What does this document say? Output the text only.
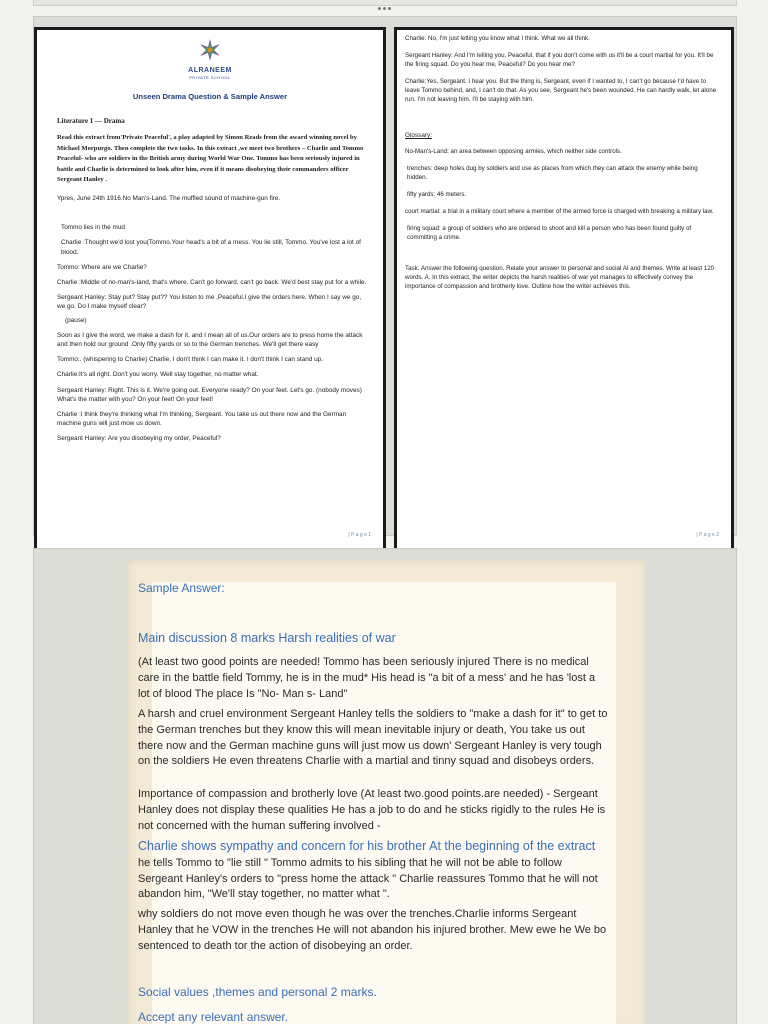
ALRANEEM
PRIVATE SCHOOL
Unseen Drama Question & Sample Answer
Literature 1 — Drama
Read this extract from'Private Peaceful', a play adapted by Simon Reads from the award winning novel by Michael Morpurgo. Then complete the two tasks. In this extract ,we meet two brothers – Charlie and Tommo Peaceful- who are soldiers in the British army during World War One. Tommo has been seriously injured in battle and Charlie is determined to look after him, even if it means disobeying their commanders officer Sergeant Hanley .
Ypres, June 24th 1916.No Man's-Land. The muffled sound of machine-gun fire.
Tommo lies in the mud
Charlie :Thought we'd lost you(Tommo.Your head's a bit of a mess. You lie still, Tommo. You've lost a lot of blood.
Tommo: Where are we Charlie?
Charlie :Middle of no-man's-land, that's where. Can't go forward, can't go back. We'd best stay put for a while.
Sergeant Hanley: Stay put? Stay put?? You listen to me ,Peaceful.I give the orders here. When I say we go, we go. Do I make myself clear?
(pause)
Soon as I give the word, we make a dash for it, and I mean all of us.Our orders are to press home the attack and then hold our ground .Only fifty yards or so to the German trenches. We'll get there easy
Tommo:. (whispering to Charlie) Charlie, I don't think I can make it. I don't think I can stand up.
Charlie:It's all right. Don't you worry. Well stay together, no matter what.
Sergeant Hanley: Right. This is it. We're going out. Everyone ready? On your feet. Let's go. (nobody moves) What's the matter with you? On your feet! On your feet!
Charlie :I think they're thinking what I'm thinking, Sergeant. You take us out there now and the German machine guns will just mow us down.
Sergeant Hanley: Are you disobeying my order, Peaceful?
| P a g e 1
Charlie: No, I'm just letting you know what I think. What we all think.
Sergeant Hanley: And I'm telling you, Peaceful, that if you don't come with us it'll be a court martial for you. It'll be the firing squad. Do you hear me, Peaceful? Do you hear me?
Charlie:Yes, Sergeant. I hear you. But the thing is, Sergeant, even if I wanted to, I can't go because I'd have to leave Tommo behind, and, I can't do that. As you see, Sergeant he's been wounded. He can hardly walk, let alone run. I'm not leaving him. I'll be staying with him.
Glossary:
No-Man's-Land: an area between opposing armies, which neither side controls.
trenches: deep holes dug by soldiers and use as places from which they can attack the enemy while being hidden.
fifty yards: 46 meters.
court martial: a trial in a military court where a member of the armed force is charged with breaking a military law.
firing squad: a group of soldiers who are ordered to shoot and kill a person who has been found guilty of committing a crime.
Task: Answer the following question. Relate your answer to personal and social AI and themes. Write at least 120 words. A. In this extract, the writer depicts the harsh realities of war yet manages to effectively convey the importance of compassion and brotherly love. Outline how the writer achieves this.
| P a g e 2
Sample Answer:
Main discussion 8 marks Harsh realities of war
(At least two good points are needed! Tommo has been seriously injured There is no medical care in the battle field Tommy, he is in the mud* His head is "a bit of a mess' and he has 'lost a lot of blood The place Is "No- Man s- Land"
A harsh and cruel environment Sergeant Hanley tells the soldiers to "make a dash for it" to get to the German trenches but they know this will mean inevitable injury or death, You take us out there now and the German machine guns will just mow us down' Sergeant Hanley is very tough on the soldiers He even threatens Charlie with a martial and tinny squad and disobeys orders.
Importance of compassion and brotherly love (At least two.good points.are needed) - Sergeant Hanley does not display these qualities He has a job to do and he sticks rigidly to the rules He is not concerned with the human suffering involved -
Charlie shows sympathy and concern for his brother At the beginning of the extract he tells Tommo to "lie still " Tommo admits to his sibling that he will not be able to follow Sergeant Hanley's orders to "press home the attack " Charlie reassures Tommo that he will not abandon him, "We'll stay together, no matter what ".
why soldiers do not move even though he was over the trenches.Charlie informs Sergeant Hanley that he VOW in the trenches He will not abandon his injured brother. Mew ewe he We bo sentenced to death tor the action of disobeying an order.
Social values ,themes and personal 2 marks.
Accept any relevant answer.
